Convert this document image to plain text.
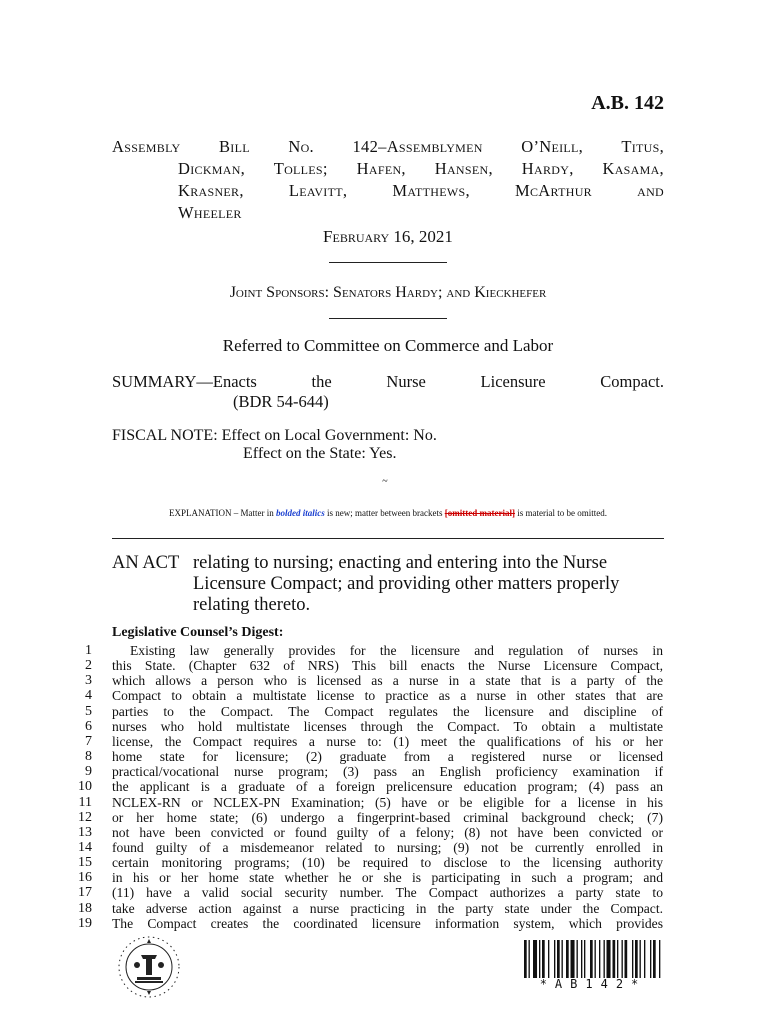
A.B. 142
Assembly Bill No. 142–Assemblymen O’Neill, Titus,
Dickman, Tolles; Hafen, Hansen, Hardy, Kasama,
Krasner, Leavitt, Matthews, McArthur and
Wheeler
February 16, 2021
Joint Sponsors: Senators Hardy; and Kieckhefer
Referred to Committee on Commerce and Labor
SUMMARY—Enacts	the	Nurse	Licensure	Compact.
(BDR 54-644)
FISCAL NOTE: Effect on Local Government: No.
Effect on the State: Yes.
~
EXPLANATION – Matter in bolded italics is new; matter between brackets [omitted material] is material to be omitted.
AN ACT relating to nursing; enacting and entering into the Nurse
Licensure Compact; and providing other matters properly
relating thereto.
Legislative Counsel’s Digest:
1	Existing law generally provides for the licensure and regulation of nurses in
2 this State. (Chapter 632 of NRS) This bill enacts the Nurse Licensure Compact,
3 which allows a person who is licensed as a nurse in a state that is a party of the
4 Compact to obtain a multistate license to practice as a nurse in other states that are
5 parties to the Compact. The Compact regulates the licensure and discipline of
6 nurses who hold multistate licenses through the Compact. To obtain a multistate
7 license, the Compact requires a nurse to: (1) meet the qualifications of his or her
8 home state for licensure; (2) graduate from a registered nurse or licensed
9 practical/vocational nurse program; (3) pass an English proficiency examination if
10 the applicant is a graduate of a foreign prelicensure education program; (4) pass an
11 NCLEX-RN or NCLEX-PN Examination; (5) have or be eligible for a license in his
12 or her home state; (6) undergo a fingerprint-based criminal background check; (7)
13 not have been convicted or found guilty of a felony; (8) not have been convicted or
14 found guilty of a misdemeanor related to nursing; (9) not be currently enrolled in
15 certain monitoring programs; (10) be required to disclose to the licensing authority
16 in his or her home state whether he or she is participating in such a program; and
17 (11) have a valid social security number. The Compact authorizes a party state to
18 take adverse action against a nurse practicing in the party state under the Compact.
19 The Compact creates the coordinated licensure information system, which provides
*AB142*
